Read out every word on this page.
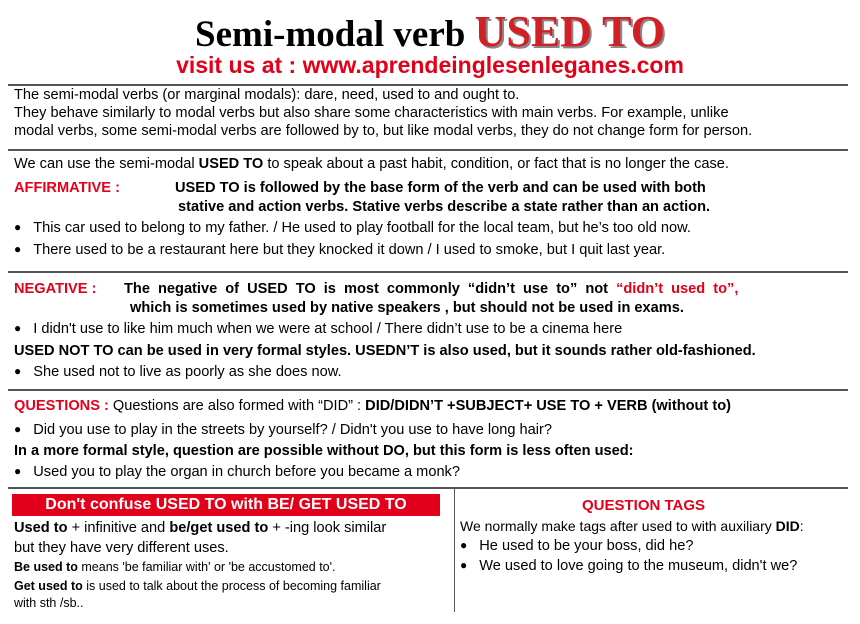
Semi-modal verb USED TO
visit us at : www.aprendeinglesenleganes.com
The semi-modal verbs (or marginal modals): dare, need, used to and ought to.
They behave similarly to modal verbs but also share some characteristics with main verbs. For example, unlike
modal verbs, some semi-modal verbs are followed by to, but like modal verbs, they do not change form for person.
We can use the semi-modal USED TO to speak about a past habit, condition, or fact that is no longer the case.
AFFIRMATIVE :	USED TO is followed by the base form of the verb and can be used with both
stative and action verbs. Stative verbs describe a state rather than an action.
● This car used to belong to my father. / He used to play football for the local team, but he’s too old now.
● There used to be a restaurant here but they knocked it down / I used to smoke, but I quit last year.
NEGATIVE : The negative of USED TO is most commonly “didn’t use to” not “didn’t used to”,
which is sometimes used by native speakers , but should not be used in exams.
● I didn't use to like him much when we were at school / There didn’t use to be a cinema here
USED NOT TO can be used in very formal styles. USEDN’T is also used, but it sounds rather old-fashioned.
● She used not to live as poorly as she does now.
QUESTIONS : Questions are also formed with “DID” : DID/DIDN’T +SUBJECT+ USE TO + VERB (without to)
● Did you use to play in the streets by yourself? / Didn't you use to have long hair?
In a more formal style, question are possible without DO, but this form is less often used:
● Used you to play the organ in church before you became a monk?
Don't confuse USED TO with BE/ GET USED TO
Used to + infinitive and be/get used to + -ing look similar
but they have very different uses.
Be used to means 'be familiar with' or 'be accustomed to'.
Get used to is used to talk about the process of becoming familiar
with sth /sb..
QUESTION TAGS
We normally make tags after used to with auxiliary DID:
● He used to be your boss, did he?
● We used to love going to the museum, didn't we?
